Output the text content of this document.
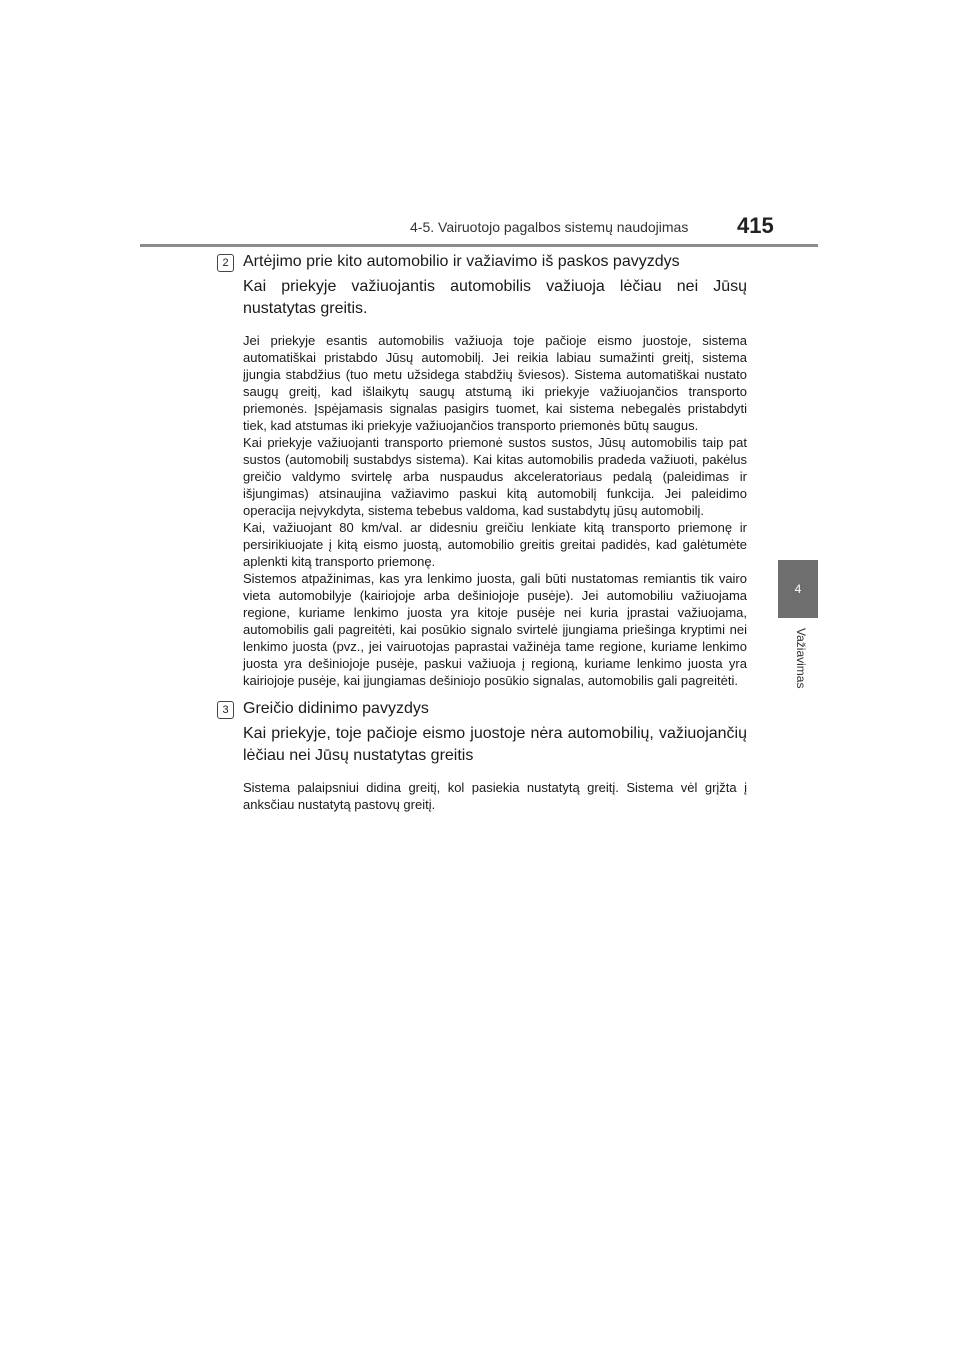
4-5. Vairuotojo pagalbos sistemų naudojimas 415
4
Važiavimas
2 Artėjimo prie kito automobilio ir važiavimo iš paskos pavyzdys
Kai priekyje važiuojantis automobilis važiuoja lėčiau nei Jūsų nustatytas greitis.

Jei priekyje esantis automobilis važiuoja toje pačioje eismo juostoje, sistema automatiškai pristabdo Jūsų automobilį. Jei reikia labiau sumažinti greitį, sistema įjungia stabdžius (tuo metu užsidega stabdžių šviesos). Sistema automatiškai nustato saugų greitį, kad išlaikytų saugų atstumą iki priekyje važiuojančios transporto priemonės. Įspėjamasis signalas pasigirs tuomet, kai sistema nebegalės pristabdyti tiek, kad atstumas iki priekyje važiuojančios transporto priemonės būtų saugus.

Kai priekyje važiuojanti transporto priemonė sustos sustos, Jūsų automobilis taip pat sustos (automobilį sustabdys sistema). Kai kitas automobilis pradeda važiuoti, pakėlus greičio valdymo svirtelę arba nuspaudus akceleratoriaus pedalą (paleidimas ir išjungimas) atsinaujina važiavimo paskui kitą automobilį funkcija. Jei paleidimo operacija neįvykdyta, sistema tebebus valdoma, kad sustabdytų jūsų automobilį.

Kai, važiuojant 80 km/val. ar didesniu greičiu lenkiate kitą transporto priemonę ir persirikiuojate į kitą eismo juostą, automobilio greitis greitai padidės, kad galėtumėte aplenkti kitą transporto priemonę.

Sistemos atpažinimas, kas yra lenkimo juosta, gali būti nustatomas remiantis tik vairo vieta automobilyje (kairiojoje arba dešiniojoje pusėje). Jei automobiliu važiuojama regione, kuriame lenkimo juosta yra kitoje pusėje nei kuria įprastai važiuojama, automobilis gali pagreitėti, kai posūkio signalo svirtelė įjungiama priešinga kryptimi nei lenkimo juosta (pvz., jei vairuotojas paprastai važinėja tame regione, kuriame lenkimo juosta yra dešiniojoje pusėje, paskui važiuoja į regioną, kuriame lenkimo juosta yra kairiojoje pusėje, kai įjungiamas dešiniojo posūkio signalas, automobilis gali pagreitėti.

3 Greičio didinimo pavyzdys
Kai priekyje, toje pačioje eismo juostoje nėra automobilių, važiuojančių lėčiau nei Jūsų nustatytas greitis

Sistema palaipsniui didina greitį, kol pasiekia nustatytą greitį. Sistema vėl grįžta į anksčiau nustatytą pastovų greitį.
